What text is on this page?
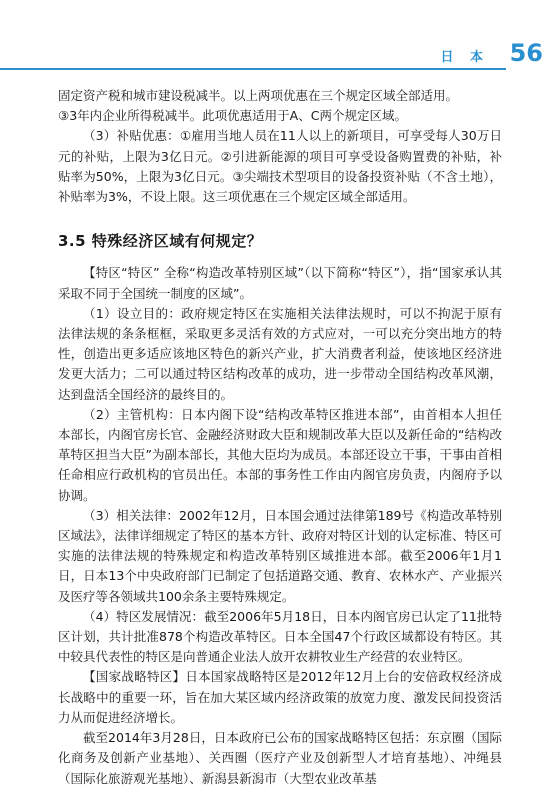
日 本 56

固定资产税和城市建设税减半。以上两项优惠在三个规定区域全部适用。

③3年内企业所得税减半。此项优惠适用于A、C两个规定区域。

（3）补贴优惠：①雇用当地人员在11人以上的新项目，可享受每人30万日元的补贴，上限为3亿日元。②引进新能源的项目可享受设备购置费的补贴，补贴率为50%，上限为3亿日元。③尖端技术型项目的设备投资补贴（不含土地），补贴率为3%，不设上限。这三项优惠在三个规定区域全部适用。

3.5 特殊经济区域有何规定？

【特区“特区” 全称“构造改革特别区域”（以下简称“特区”），指“国家承认其采取不同于全国统一制度的区域”。

（1）设立目的：政府规定特区在实施相关法律法规时，可以不拘泥于原有法律法规的条条框框，采取更多灵活有效的方式应对，一可以充分突出地方的特性，创造出更多适应该地区特色的新兴产业，扩大消费者利益，使该地区经济进发更大活力；二可以通过特区结构改革的成功，进一步带动全国结构改革风潮，达到盘活全国经济的最终目的。

（2）主管机构：日本内阁下设“结构改革特区推进本部”，由首相本人担任本部长，内阁官房长官、金融经济财政大臣和规制改革大臣以及新任命的“结构改革特区担当大臣”为副本部长，其他大臣均为成员。本部还设立干事，干事由首相任命相应行政机构的官员出任。本部的事务性工作由内阁官房负责，内阁府予以协调。

（3）相关法律：2002年12月，日本国会通过法律第189号《构造改革特别区域法》，法律详细规定了特区的基本方针、政府对特区计划的认定标准、特区可实施的法律法规的特殊规定和构造改革特别区域推进本部。截至2006年1月1日，日本13个中央政府部门已制定了包括道路交通、教育、农林水产、产业振兴及医疗等各领域共100余条主要特殊规定。

（4）特区发展情况：截至2006年5月18日，日本内阁官房已认定了11批特区计划，共计批准878个构造改革特区。日本全国47个行政区域都设有特区。其中较具代表性的特区是向普通企业法人放开农耕牧业生产经营的农业特区。

【国家战略特区】日本国家战略特区是2012年12月上台的安倍政权经济成长战略中的重要一环，旨在加大某区域内经济政策的放宽力度、激发民间投资活力从而促进经济增长。

截至2014年3月28日，日本政府已公布的国家战略特区包括：东京圈（国际化商务及创新产业基地）、关西圈（医疗产业及创新型人才培育基地）、冲绳县（国际化旅游观光基地）、新潟县新潟市（大型农业改革基
